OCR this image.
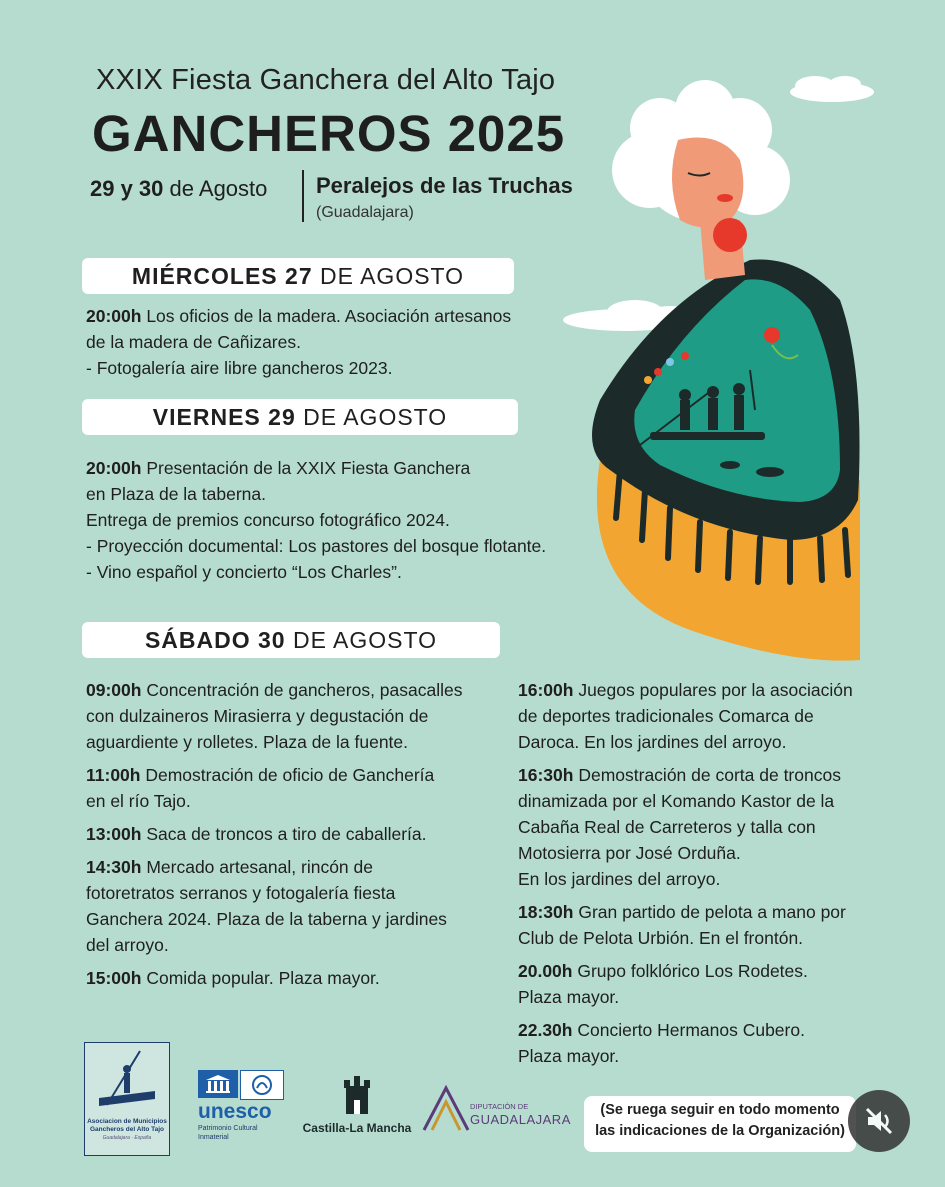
XXIX Fiesta Ganchera del Alto Tajo
GANCHEROS 2025
29 y 30 de Agosto Peralejos de las Truchas
(Guadalajara)
MIÉRCOLES 27 DE AGOSTO

20:00h Los oficios de la madera. Asociación artesanos

de la madera de Cañizares.

- Fotogalería aire libre gancheros 2023.

VIERNES 29 DE AGOSTO

20:00h Presentación de la XXIX Fiesta Ganchera

en Plaza de la taberna.

Entrega de premios concurso fotográfico 2024.

- Proyección documental: Los pastores del bosque flotante.

- Vino español y concierto “Los Charles”.

SÁBADO 30 DE AGOSTO

09:00h Concentración de gancheros, pasacalles

con dulzaineros Mirasierra y degustación de

aguardiente y rolletes. Plaza de la fuente.

11:00h Demostración de oficio de Ganchería

en el río Tajo.

13:00h Saca de troncos a tiro de caballería.

14:30h Mercado artesanal, rincón de

fotoretratos serranos y fotogalería fiesta

Ganchera 2024. Plaza de la taberna y jardines

del arroyo.

15:00h Comida popular. Plaza mayor.

16:00h Juegos populares por la asociación

de deportes tradicionales Comarca de

Daroca. En los jardines del arroyo.

16:30h Demostración de corta de troncos

dinamizada por el Komando Kastor de la

Cabaña Real de Carreteros y talla con

Motosierra por José Orduña.

En los jardines del arroyo.

18:30h Gran partido de pelota a mano por

Club de Pelota Urbión. En el frontón.

20.00h Grupo folklórico Los Rodetes.

Plaza mayor.

22.30h Concierto Hermanos Cubero.

Plaza mayor.

Asociacion de Municipios
Gancheros del Alto Tajo
Guadalajara · España
unesco
Patrimonio Cultural
Inmaterial
Castilla-La Mancha
DIPUTACIÓN DE
GUADALAJARA
(Se ruega seguir en todo momento
las indicaciones de la Organización)
